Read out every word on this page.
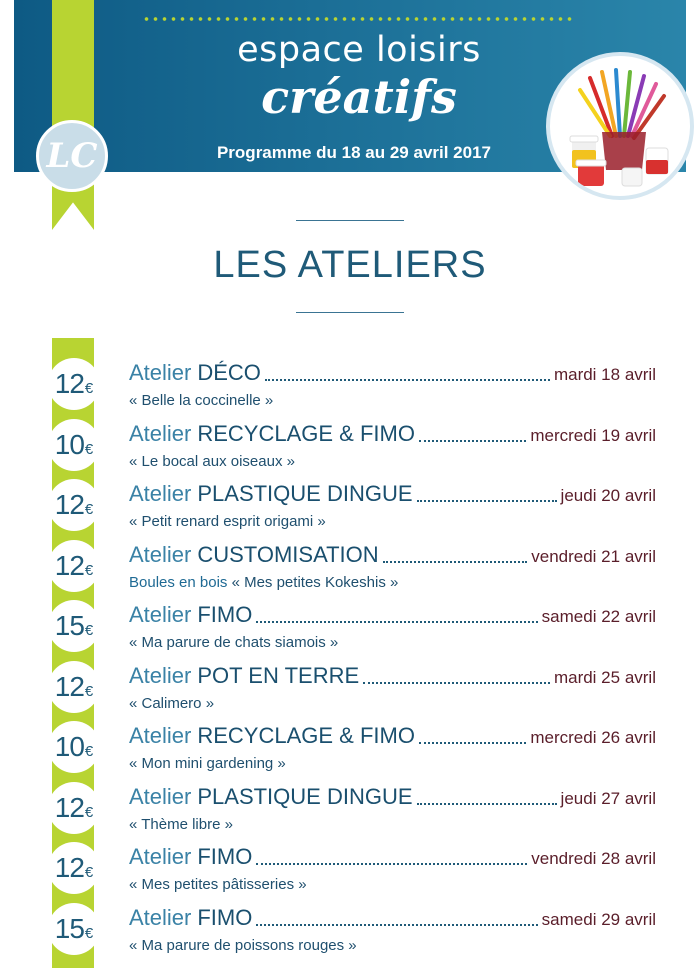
espace loisirs
créatifs
Programme du 18 au 29 avril 2017
LC
LES ATELIERS
12 €
Atelier DÉCO	mardi 18 avril
« Belle la coccinelle »
10 €
Atelier RECYCLAGE & FIMO	mercredi 19 avril
« Le bocal aux oiseaux »
12 €
Atelier PLASTIQUE DINGUE	jeudi 20 avril
« Petit renard esprit origami »
12 €
Atelier CUSTOMISATION	vendredi 21 avril
Boules en bois « Mes petites Kokeshis »
15 €
Atelier FIMO	samedi 22 avril
« Ma parure de chats siamois »
12 €
Atelier POT EN TERRE	mardi 25 avril
« Calimero »
10 €
Atelier RECYCLAGE & FIMO	mercredi 26 avril
« Mon mini gardening »
12 €
Atelier PLASTIQUE DINGUE	jeudi 27 avril
« Thème libre »
12 €
Atelier FIMO	vendredi 28 avril
« Mes petites pâtisseries »
15 €
Atelier FIMO	samedi 29 avril
« Ma parure de poissons rouges »
